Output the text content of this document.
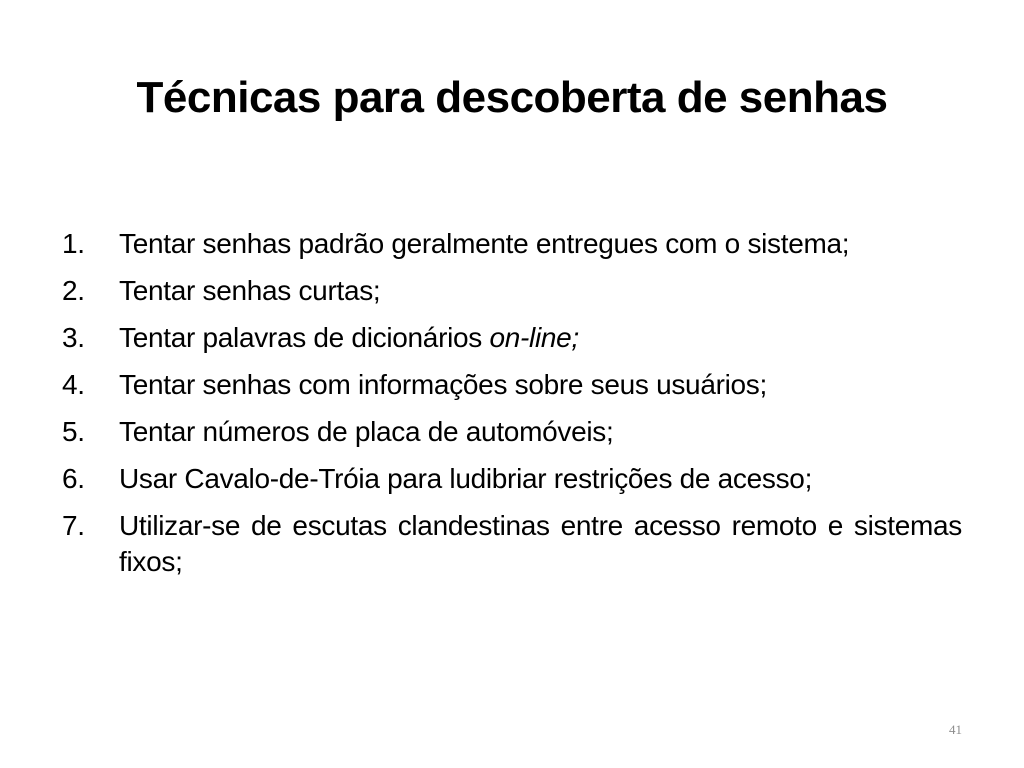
Técnicas para descoberta de senhas
1.	Tentar senhas padrão geralmente entregues com o sistema;
2.	Tentar senhas curtas;
3.	Tentar palavras de dicionários on-line;
4.	Tentar senhas com informações sobre seus usuários;
5.	Tentar números de placa de automóveis;
6.	Usar Cavalo-de-Tróia para ludibriar restrições de acesso;
7.	Utilizar-se de escutas clandestinas entre acesso remoto e sistemas fixos;
41
